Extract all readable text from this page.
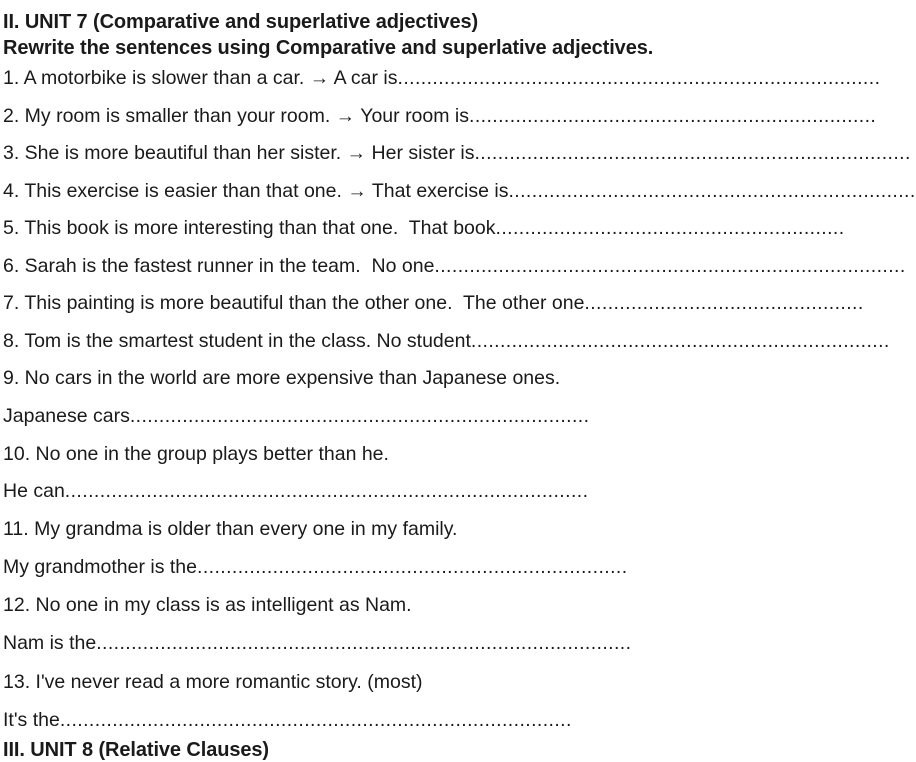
II. UNIT 7 (Comparative and superlative adjectives)
Rewrite the sentences using Comparative and superlative adjectives.
1. A motorbike is slower than a car. → A car is...................................................................................
2. My room is smaller than your room. → Your room is......................................................................
3. She is more beautiful than her sister. → Her sister is...........................................................................
4. This exercise is easier than that one. → That exercise is......................................................................
5. This book is more interesting than that one.  That book............................................................
6. Sarah is the fastest runner in the team.  No one.................................................................................
7. This painting is more beautiful than the other one.  The other one................................................
8. Tom is the smartest student in the class. No student........................................................................
9. No cars in the world are more expensive than Japanese ones.
Japanese cars...............................................................................
10. No one in the group plays better than he.
He can..........................................................................................
11. My grandma is older than every one in my family.
My grandmother is the..........................................................................
12. No one in my class is as intelligent as Nam.
Nam is the............................................................................................
13. I've never read a more romantic story. (most)
It's the........................................................................................
III. UNIT 8 (Relative Clauses)
